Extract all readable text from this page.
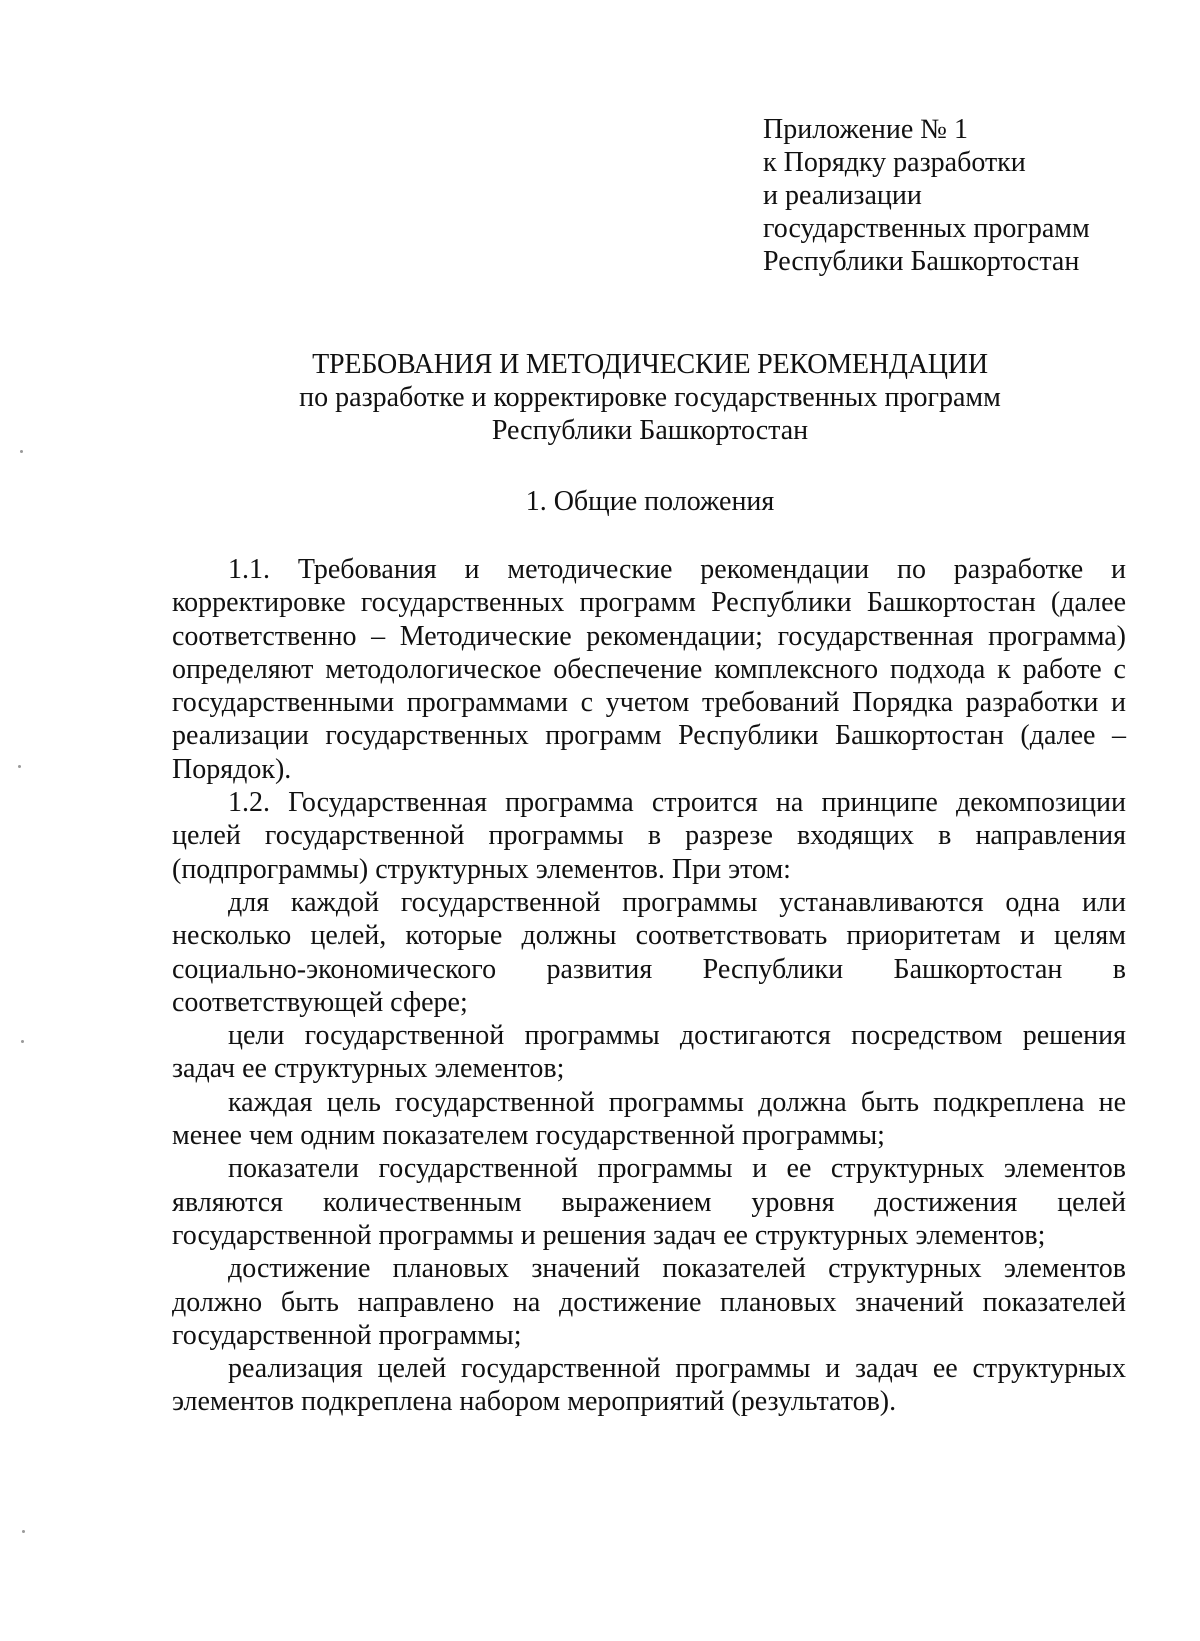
Приложение № 1
к Порядку разработки
и реализации
государственных программ
Республики Башкортостан
ТРЕБОВАНИЯ И МЕТОДИЧЕСКИЕ РЕКОМЕНДАЦИИ
по разработке и корректировке государственных программ
Республики Башкортостан
1. Общие положения

1.1. Требования и методические рекомендации по разработке и корректировке государственных программ Республики Башкортостан (далее соответственно – Методические рекомендации; государственная программа) определяют методологическое обеспечение комплексного подхода к работе с государственными программами с учетом требований Порядка разработки и реализации государственных программ Республики Башкортостан (далее – Порядок).

1.2. Государственная программа строится на принципе декомпозиции целей государственной программы в разрезе входящих в направления (подпрограммы) структурных элементов. При этом:

для каждой государственной программы устанавливаются одна или несколько целей, которые должны соответствовать приоритетам и целям социально-экономического развития Республики Башкортостан в соответствующей сфере;

цели государственной программы достигаются посредством решения задач ее структурных элементов;

каждая цель государственной программы должна быть подкреплена не менее чем одним показателем государственной программы;

показатели государственной программы и ее структурных элементов являются количественным выражением уровня достижения целей государственной программы и решения задач ее структурных элементов;

достижение плановых значений показателей структурных элементов должно быть направлено на достижение плановых значений показателей государственной программы;

реализация целей государственной программы и задач ее структурных элементов подкреплена набором мероприятий (результатов).
